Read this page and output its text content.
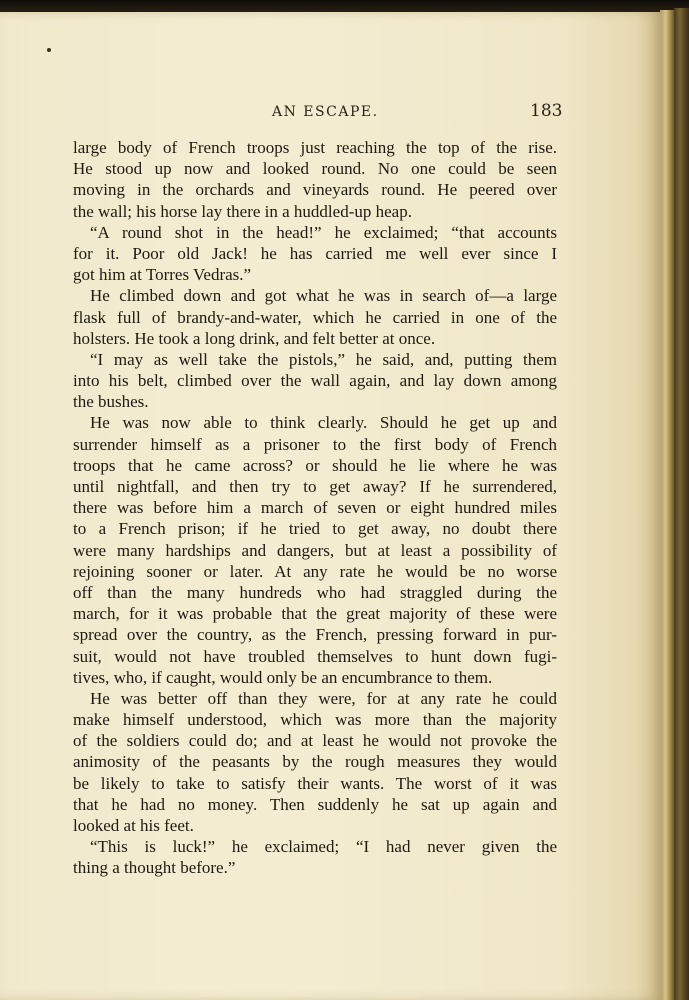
AN ESCAPE.	183
large body of French troops just reaching the top of the rise.
He stood up now and looked round. No one could be seen
moving in the orchards and vineyards round. He peered over
the wall; his horse lay there in a huddled-up heap.
“A round shot in the head!” he exclaimed; “that accounts
for it. Poor old Jack! he has carried me well ever since I
got him at Torres Vedras.”
He climbed down and got what he was in search of—a large
flask full of brandy-and-water, which he carried in one of the
holsters. He took a long drink, and felt better at once.
“I may as well take the pistols,” he said, and, putting them
into his belt, climbed over the wall again, and lay down among
the bushes.
He was now able to think clearly. Should he get up and
surrender himself as a prisoner to the first body of French
troops that he came across? or should he lie where he was
until nightfall, and then try to get away? If he surrendered,
there was before him a march of seven or eight hundred miles
to a French prison; if he tried to get away, no doubt there
were many hardships and dangers, but at least a possibility of
rejoining sooner or later. At any rate he would be no worse
off than the many hundreds who had straggled during the
march, for it was probable that the great majority of these were
spread over the country, as the French, pressing forward in pur-
suit, would not have troubled themselves to hunt down fugi-
tives, who, if caught, would only be an encumbrance to them.
He was better off than they were, for at any rate he could
make himself understood, which was more than the majority
of the soldiers could do; and at least he would not provoke the
animosity of the peasants by the rough measures they would
be likely to take to satisfy their wants. The worst of it was
that he had no money. Then suddenly he sat up again and
looked at his feet.
“This is luck!” he exclaimed; “I had never given the
thing a thought before.”
